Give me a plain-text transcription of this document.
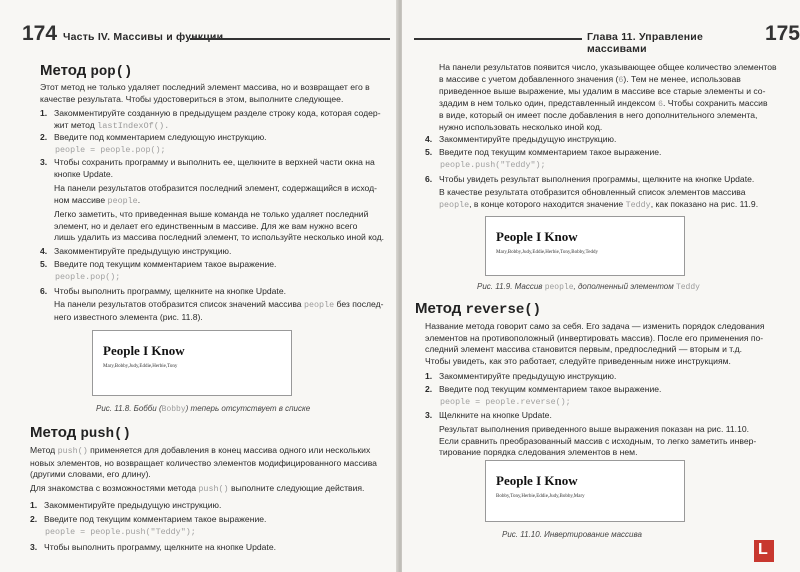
174 Часть IV. Массивы и функции
Метод pop()
Этот метод не только удаляет последний элемент массива, но и возвращает его в
качестве результата. Чтобы удостовериться в этом, выполните следующее.
1. Закомментируйте созданную в предыдущем разделе строку кода, которая содер-
жит метод lastIndexOf().
2. Введите под комментарием следующую инструкцию.
people = people.pop();
3. Чтобы сохранить программу и выполнить ее, щелкните в верхней части окна на
кнопке Update.
На панели результатов отобразится последний элемент, содержащийся в исход-
ном массиве people.
Легко заметить, что приведенная выше команда не только удаляет последний
элемент, но и делает его единственным в массиве. Для же вам нужно всего
лишь удалить из массива последний элемент, то используйте несколько иной код.
4. Закомментируйте предыдущую инструкцию.
5. Введите под текущим комментарием такое выражение.
people.pop();
6. Чтобы выполнить программу, щелкните на кнопке Update.
На панели результатов отобразится список значений массива people без послед-
него известного элемента (рис. 11.8).
People I Know
Mary,Bobby,Judy,Eddie,Herbie,Tony
Рис. 11.8. Бобби (Bobby) теперь отсутствует в списке
Метод push()
Метод push() применяется для добавления в конец массива одного или нескольких
новых элементов, но возвращает количество элементов модифицированного массива
(другими словами, его длину).
Для знакомства с возможностями метода push() выполните следующие действия.
1. Закомментируйте предыдущую инструкцию.
2. Введите под текущим комментарием такое выражение.
people = people.push("Teddy");
3. Чтобы выполнить программу, щелкните на кнопке Update.
Глава 11. Управление массивами
175
На панели результатов появится число, указывающее общее количество элементов
в массиве с учетом добавленного значения (6). Тем не менее, использовав
приведенное выше выражение, мы удалим в массиве все старые элементы и со-
здадим в нем только один, представленный индексом 6. Чтобы сохранить массив
в виде, который он имеет после добавления в него дополнительного элемента,
нужно использовать несколько иной код.
4. Закомментируйте предыдущую инструкцию.
5. Введите под текущим комментарием такое выражение.
people.push("Teddy");
6. Чтобы увидеть результат выполнения программы, щелкните на кнопке Update.
В качестве результата отобразится обновленный список элементов массива
people, в конце которого находится значение Teddy, как показано на рис. 11.9.
People I Know
Mary,Bobby,Judy,Eddie,Herbie,Tony,Bobby,Teddy
Рис. 11.9. Массив people, дополненный элементом Teddy
Метод reverse()
Название метода говорит само за себя. Его задача — изменить порядок следования
элементов на противоположный (инвертировать массив). После его применения по-
следний элемент массива становится первым, предпоследний — вторым и т.д.
Чтобы увидеть, как это работает, следуйте приведенным ниже инструкциям.
1. Закомментируйте предыдущую инструкцию.
2. Введите под текущим комментарием такое выражение.
people = people.reverse();
3. Щелкните на кнопке Update.
Результат выполнения приведенного выше выражения показан на рис. 11.10.
Если сравнить преобразованный массив с исходным, то легко заметить инвер-
тирование порядка следования элементов в нем.
People I Know
Bobby,Tony,Herbie,Eddie,Judy,Bobby,Mary
Рис. 11.10. Инвертирование массива
L
